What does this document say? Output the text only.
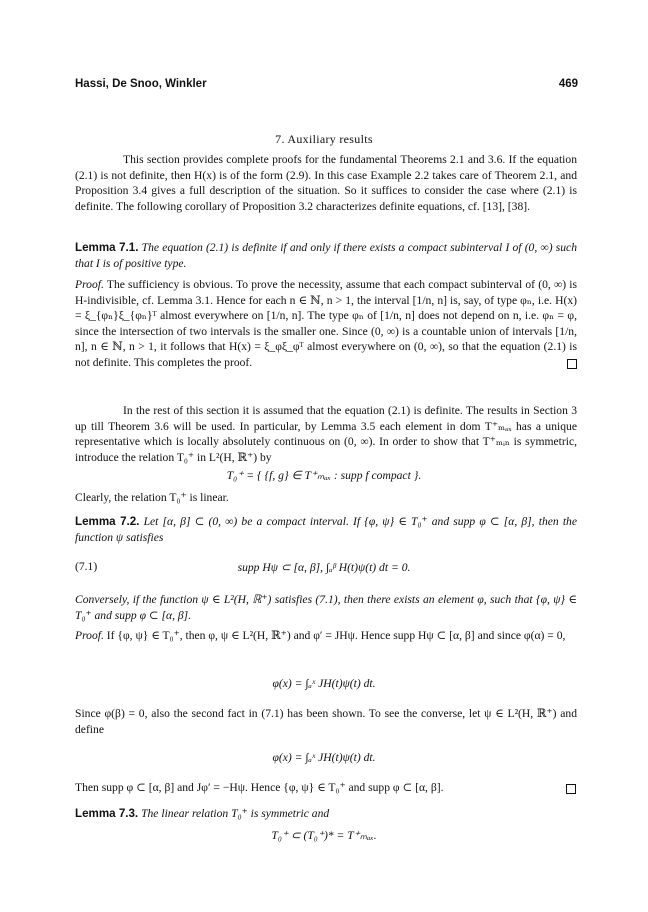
Hassi, De Snoo, Winkler	469
7. Auxiliary results

This section provides complete proofs for the fundamental Theorems 2.1 and 3.6. If the equation (2.1) is not definite, then H(x) is of the form (2.9). In this case Example 2.2 takes care of Theorem 2.1, and Proposition 3.4 gives a full description of the situation. So it suffices to consider the case where (2.1) is definite. The following corollary of Proposition 3.2 characterizes definite equations, cf. [13], [38].

Lemma 7.1. The equation (2.1) is definite if and only if there exists a compact subinterval I of (0, ∞) such that I is of positive type.

Proof. The sufficiency is obvious. To prove the necessity, assume that each compact subinterval of (0, ∞) is H-indivisible, cf. Lemma 3.1. Hence for each n ∈ ℕ, n > 1, the interval [1/n, n] is, say, of type φₙ, i.e. H(x) = ξ_{φₙ}ξ_{φₙ}ᵀ almost everywhere on [1/n, n]. The type φₙ of [1/n, n] does not depend on n, i.e. φₙ = φ, since the intersection of two intervals is the smaller one. Since (0, ∞) is a countable union of intervals [1/n, n], n ∈ ℕ, n > 1, it follows that H(x) = ξ_φξ_φᵀ almost everywhere on (0, ∞), so that the equation (2.1) is not definite. This completes the proof.

In the rest of this section it is assumed that the equation (2.1) is definite. The results in Section 3 up till Theorem 3.6 will be used. In particular, by Lemma 3.5 each element in dom T⁺ₘₐₓ has a unique representative which is locally absolutely continuous on (0, ∞). In order to show that T⁺ₘᵢₙ is symmetric, introduce the relation T₀⁺ in L²(H, ℝ⁺) by

T₀⁺ = { {f, g} ∈ T⁺ₘₐₓ : supp f compact }.

Clearly, the relation T₀⁺ is linear.

Lemma 7.2. Let [α, β] ⊂ (0, ∞) be a compact interval. If {φ, ψ} ∈ T₀⁺ and supp φ ⊂ [α, β], then the function ψ satisfies

(7.1)	supp Hψ ⊂ [α, β], ∫ₐᵝ H(t)ψ(t) dt = 0.

Conversely, if the function ψ ∈ L²(H, ℝ⁺) satisfies (7.1), then there exists an element φ, such that {φ, ψ} ∈ T₀⁺ and supp φ ⊂ [α, β].

Proof. If {φ, ψ} ∈ T₀⁺, then φ, ψ ∈ L²(H, ℝ⁺) and φ′ = JHψ. Hence supp Hψ ⊂ [α, β] and since φ(α) = 0,

φ(x) = ∫ₐˣ JH(t)ψ(t) dt.

Since φ(β) = 0, also the second fact in (7.1) has been shown. To see the converse, let ψ ∈ L²(H, ℝ⁺) and define

φ(x) = ∫ₐˣ JH(t)ψ(t) dt.

Then supp φ ⊂ [α, β] and Jφ′ = −Hψ. Hence {φ, ψ} ∈ T₀⁺ and supp φ ⊂ [α, β].

Lemma 7.3. The linear relation T₀⁺ is symmetric and

T₀⁺ ⊂ (T₀⁺)* = T⁺ₘₐₓ.
